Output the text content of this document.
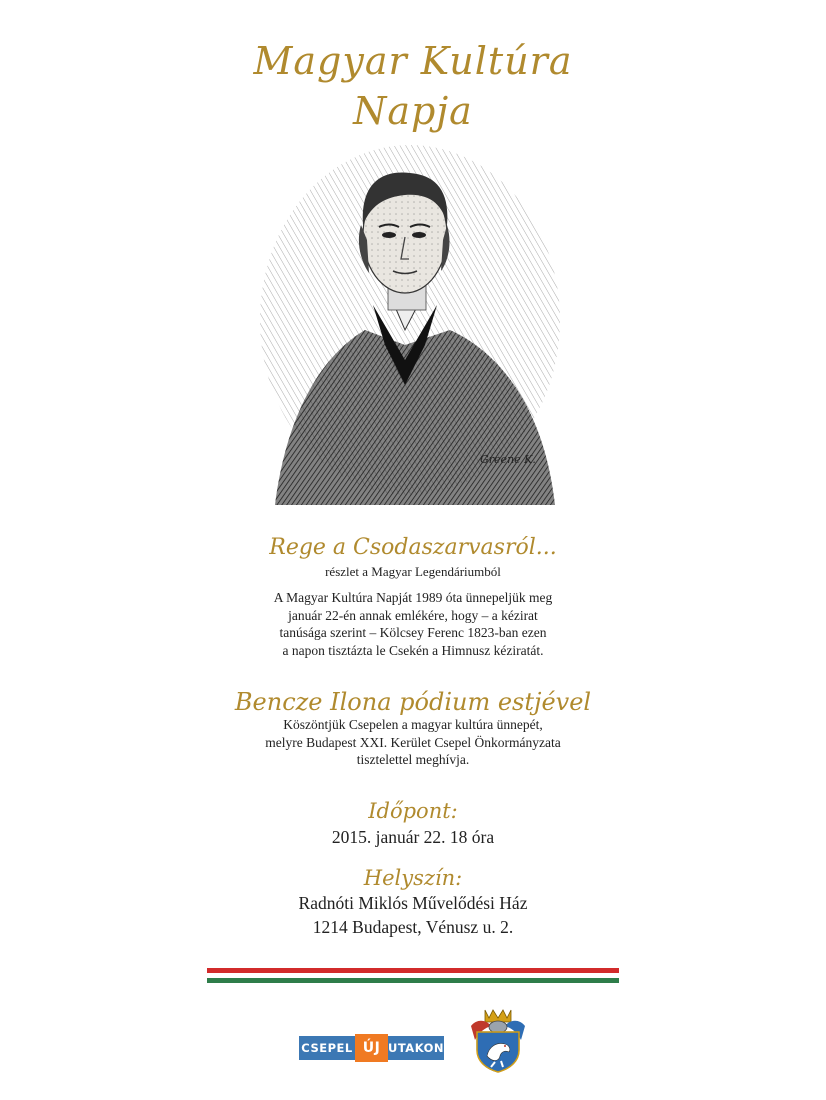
Magyar Kultúra
Napja
Greene K.
Rege a Csodaszarvasról...
részlet a Magyar Legendáriumból
A Magyar Kultúra Napját 1989 óta ünnepeljük meg
január 22-én annak emlékére, hogy – a kézirat
tanúsága szerint – Kölcsey Ferenc 1823-ban ezen
a napon tisztázta le Csekén a Himnusz kéziratát.
Bencze Ilona pódium estjével
Köszöntjük Csepelen a magyar kultúra ünnepét,
melyre Budapest XXI. Kerület Csepel Önkormányzata
tisztelettel meghívja.
Időpont:
2015. január 22. 18 óra
Helyszín:
Radnóti Miklós Művelődési Ház
1214 Budapest, Vénusz u. 2.
CSEPEL ÚJ UTAKON
